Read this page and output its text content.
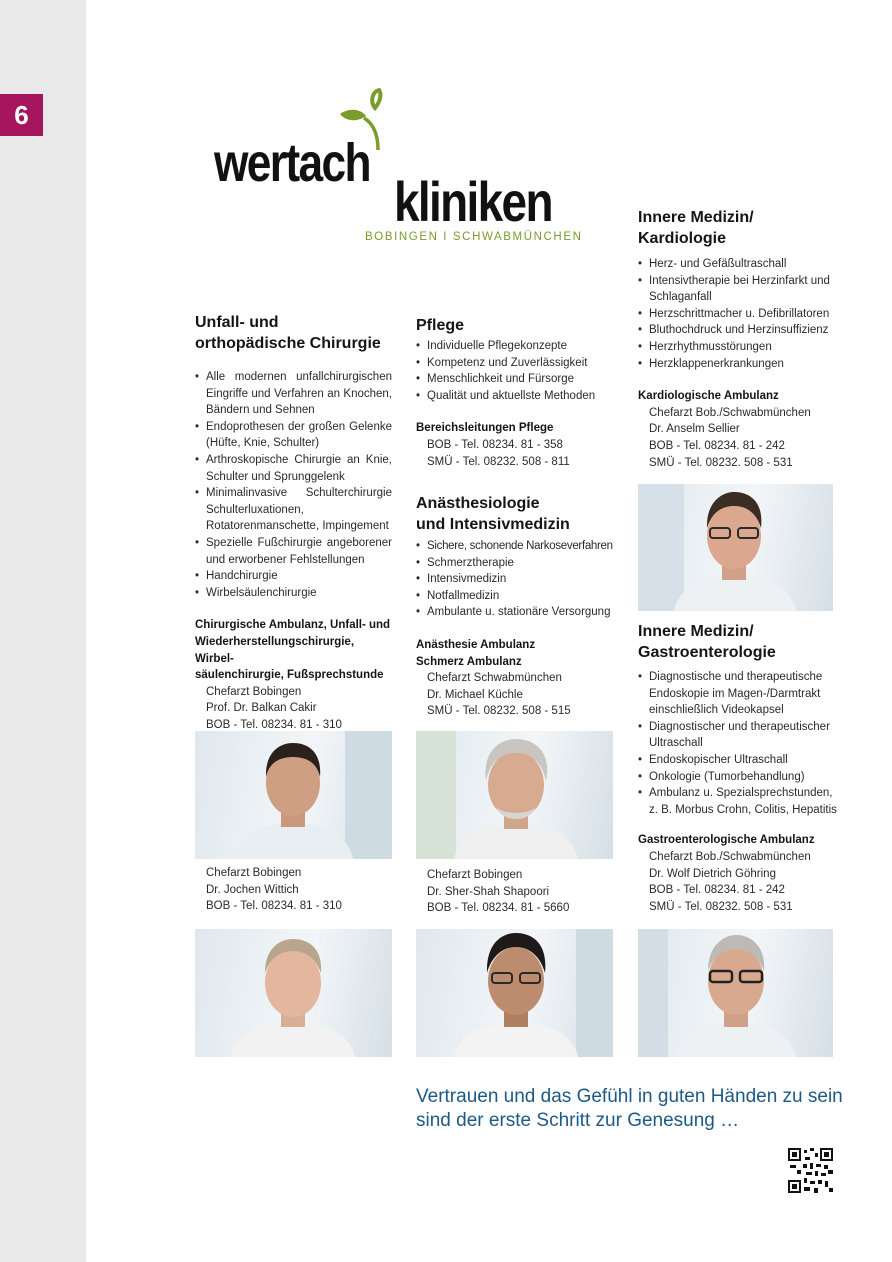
6
wertach
kliniken
BOBINGEN I SCHWABMÜNCHEN
Unfall- und
orthopädische Chirurgie
• Alle modernen unfallchirurgischen Eingriffe und Verfahren an Knochen, Bändern und Sehnen
• Endoprothesen der großen Gelenke (Hüfte, Knie, Schulter)
• Arthroskopische Chirurgie an Knie, Schulter und Sprunggelenk
• Minimalinvasive Schulterchirurgie Schulterluxationen, Rotatorenmanschette, Impingement
• Spezielle Fußchirurgie angeborener und erworbener Fehlstellungen
• Handchirurgie
• Wirbelsäulenchirurgie
Chirurgische Ambulanz, Unfall- und
Wiederherstellungschirurgie, Wirbel-
säulenchirurgie, Fußsprechstunde
Chefarzt Bobingen
Prof. Dr. Balkan Cakir
BOB - Tel. 08234. 81 - 310
Pflege
• Individuelle Pflegekonzepte
• Kompetenz und Zuverlässigkeit
• Menschlichkeit und Fürsorge
• Qualität und aktuellste Methoden
Bereichsleitungen Pflege
BOB - Tel. 08234. 81 - 358
SMÜ - Tel. 08232. 508 - 811
Anästhesiologie
und Intensivmedizin
• Sichere, schonende Narkoseverfahren
• Schmerztherapie
• Intensivmedizin
• Notfallmedizin
• Ambulante u. stationäre Versorgung
Anästhesie Ambulanz
Schmerz Ambulanz
Chefarzt Schwabmünchen
Dr. Michael Küchle
SMÜ - Tel. 08232. 508 - 515
Innere Medizin/
Kardiologie
• Herz- und Gefäßultraschall
• Intensivtherapie bei Herzinfarkt und Schlaganfall
• Herzschrittmacher u. Defibrillatoren
• Bluthochdruck und Herzinsuffizienz
• Herzrhythmusstörungen
• Herzklappenerkrankungen
Kardiologische Ambulanz
Chefarzt Bob./Schwabmünchen
Dr. Anselm Sellier
BOB - Tel. 08234. 81 - 242
SMÜ - Tel. 08232. 508 - 531
Innere Medizin/
Gastroenterologie
• Diagnostische und therapeutische Endoskopie im Magen-/Darmtrakt einschließlich Videokapsel
• Diagnostischer und therapeutischer Ultraschall
• Endoskopischer Ultraschall
• Onkologie (Tumorbehandlung)
• Ambulanz u. Spezialsprechstunden, z. B. Morbus Crohn, Colitis, Hepatitis
Gastroenterologische Ambulanz
Chefarzt Bob./Schwabmünchen
Dr. Wolf Dietrich Göhring
BOB - Tel. 08234. 81 - 242
SMÜ - Tel. 08232. 508 - 531
Chefarzt Bobingen
Dr. Jochen Wittich
BOB - Tel. 08234. 81 - 310
Chefarzt Bobingen
Dr. Sher-Shah Shapoori
BOB - Tel. 08234. 81 - 5660
Vertrauen und das Gefühl in guten Händen zu sein
sind der erste Schritt zur Genesung …
